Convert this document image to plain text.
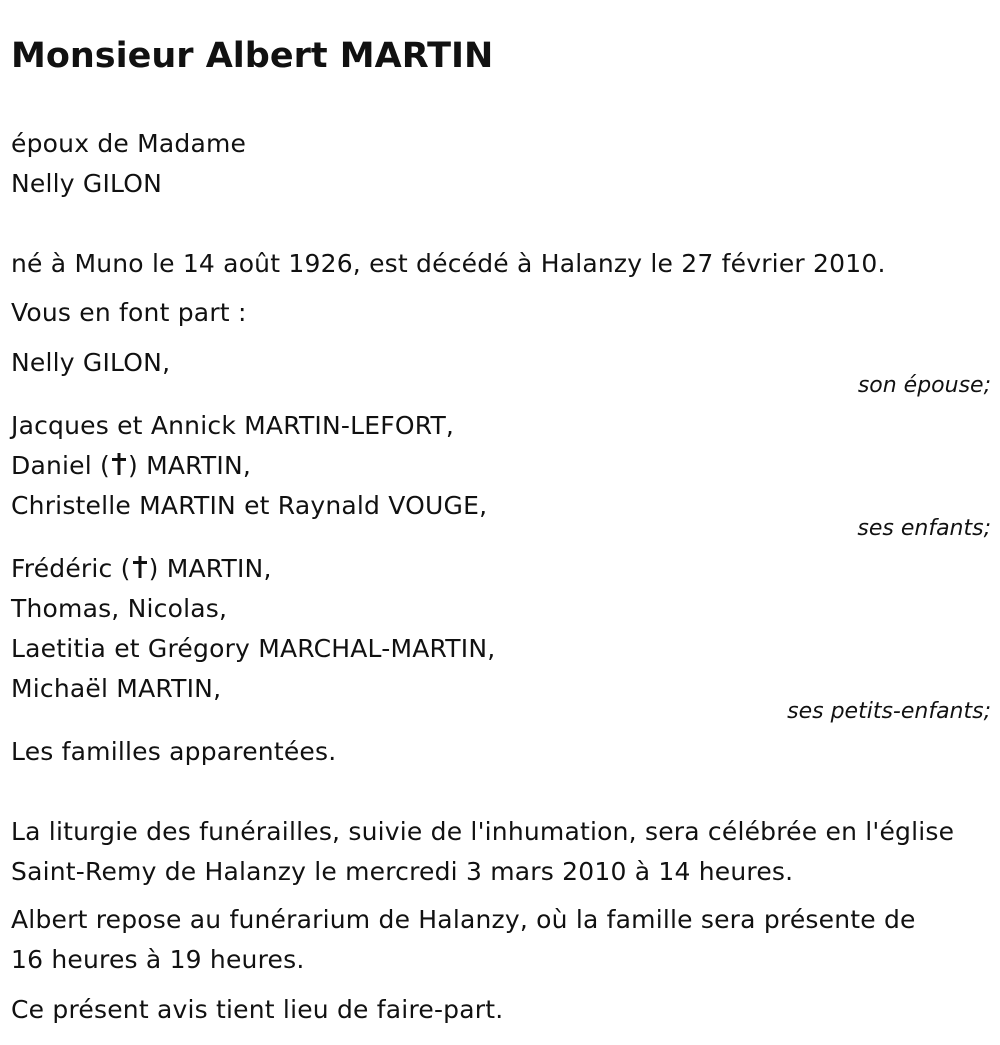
Monsieur Albert MARTIN
époux de Madame
Nelly GILON
né à Muno le 14 août 1926, est décédé à Halanzy le 27 février 2010.
Vous en font part :
Nelly GILON,
son épouse;
Jacques et Annick MARTIN-LEFORT,
Daniel ( ) MARTIN,
Christelle MARTIN et Raynald VOUGE,
ses enfants;
Frédéric ( ) MARTIN,
Thomas, Nicolas,
Laetitia et Grégory MARCHAL-MARTIN,
Michaël MARTIN,
ses petits-enfants;
Les familles apparentées.
La liturgie des funérailles, suivie de l'inhumation, sera célébrée en l'église
Saint-Remy de Halanzy le mercredi 3 mars 2010 à 14 heures.
Albert repose au funérarium de Halanzy, où la famille sera présente de
16 heures à 19 heures.
Ce présent avis tient lieu de faire-part.
